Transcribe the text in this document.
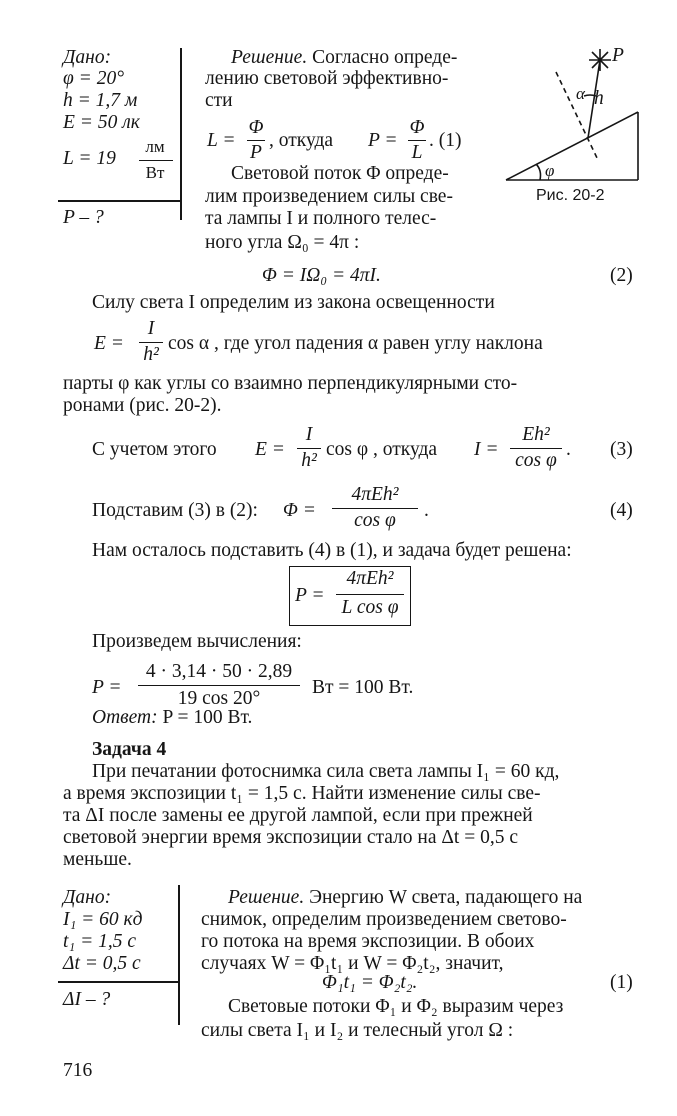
Дано:
φ = 20°
h = 1,7 м
E = 50 лк
L = 19
лм
Вт
P – ?
Решение. Согласно опреде-
лению световой эффективно-
сти
L =
Φ
P
, откуда P =
Φ
L
. (1)
Световой поток Φ опреде-
лим произведением силы све-
та лампы I и полного телес-
ного угла Ω₀ = 4π :
P
α h
φ
Рис. 20-2
Φ = IΩ₀ = 4πI.	(2)
Силу света I определим из закона освещенности
E =
I
h²
cos α , где угол падения α равен углу наклона
парты φ как углы со взаимно перпендикулярными сто-
ронами (рис. 20-2).
С учетом этого E =
I
h²
cos φ , откуда I =
Eh²
cos φ
. (3)
Подставим (3) в (2): Φ =
4πEh²
cos φ	.	(4)
Нам осталось подставить (4) в (1), и задача будет решена:
P =
4πEh²
L cos φ
Произведем вычисления:
P =
4 · 3,14 · 50 · 2,89
19 cos 20°
Вт = 100 Вт.
Ответ: P = 100 Вт.
Задача 4
При печатании фотоснимка сила света лампы I₁ = 60 кд,
а время экспозиции t₁ = 1,5 с. Найти изменение силы све-
та ΔI после замены ее другой лампой, если при прежней
световой энергии время экспозиции стало на Δt = 0,5 с
меньше.
Дано:
I₁ = 60 кд
t₁ = 1,5 с
Δt = 0,5 с
ΔI – ?
Решение. Энергию W света, падающего на
снимок, определим произведением светово-
го потока на время экспозиции. В обоих
случаях W = Φ₁t₁ и W = Φ₂t₂, значит,
Φ₁t₁ = Φ₂t₂.	(1)
Световые потоки Φ₁ и Φ₂ выразим через
силы света I₁ и I₂ и телесный угол Ω :
716
